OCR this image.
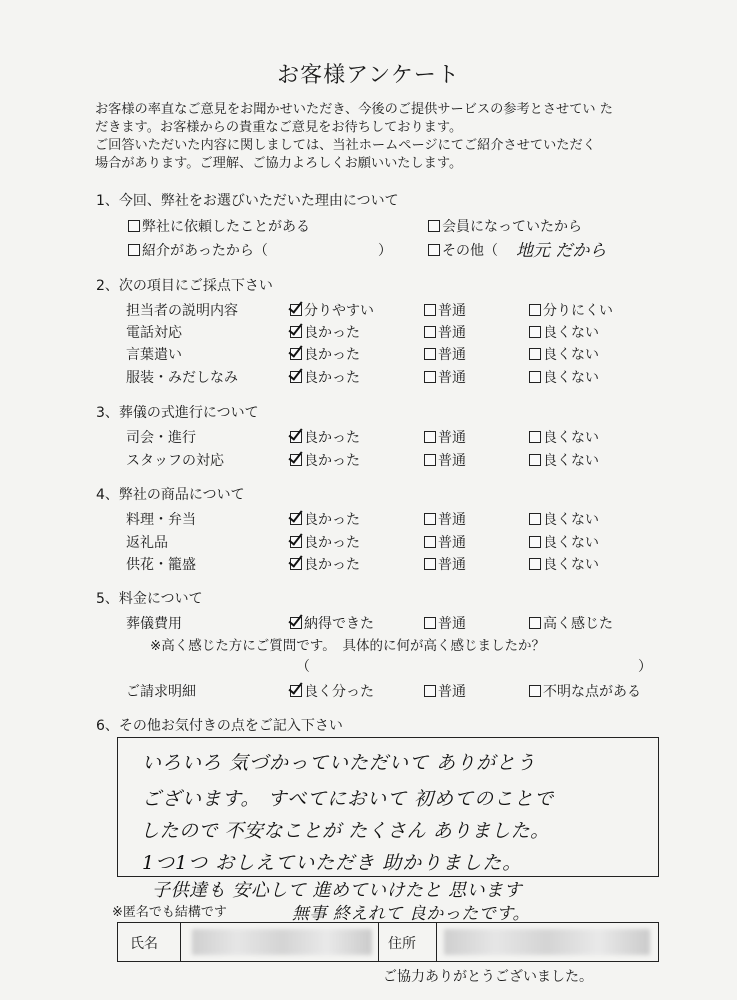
お客様アンケート
お客様の率直なご意見をお聞かせいただき、今後のご提供サービスの参考とさせてい た
だきます。お客様からの貴重なご意見をお待ちしております。
ご回答いただいた内容に関しましては、当社ホームページにてご紹介させていただく
場合があります。ご理解、ご協力よろしくお願いいたします。
1、今回、弊社をお選びいただいた理由について
弊社に依頼したことがある	会員になっていたから
紹介があったから（	）	その他（ 地元 だから
2、次の項目にご採点下さい
担当者の説明内容	分りやすい	普通	分りにくい
電話対応	良かった	普通	良くない
言葉遣い	良かった	普通	良くない
服装・みだしなみ	良かった	普通	良くない
3、葬儀の式進行について
司会・進行	良かった	普通	良くない
スタッフの対応	良かった	普通	良くない
4、弊社の商品について
料理・弁当	良かった	普通	良くない
返礼品	良かった	普通	良くない
供花・籠盛	良かった	普通	良くない
5、料金について
葬儀費用	納得できた	普通	高く感じた
※高く感じた方にご質問です。　具体的に何が高く感じましたか？
（	）
ご請求明細	良く分った	普通	不明な点がある
6、その他お気付きの点をご記入下さい
いろいろ 気づかっていただいて ありがとう
ございます。 すべてにおいて 初めてのことで
したので 不安なことが たくさん ありました。
1つ1つ おしえていただき 助かりました。
子供達も 安心して 進めていけたと 思います
無事 終えれて 良かったです。
※匿名でも結構です
氏名	住所
ご協力ありがとうございました。
